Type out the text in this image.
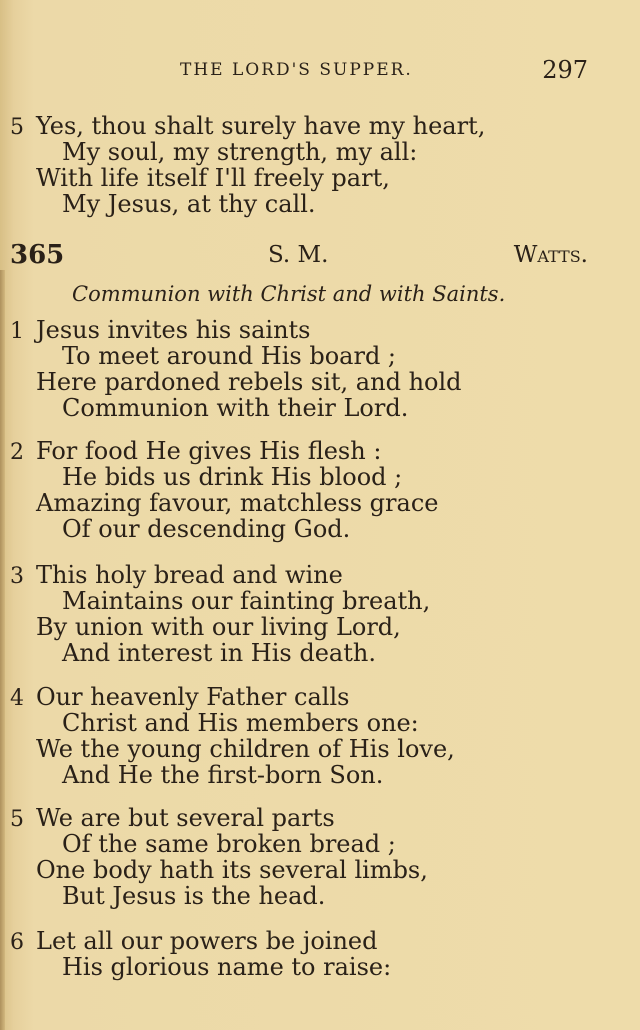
THE LORD'S SUPPER.	297
5 Yes, thou shalt surely have my heart,
My soul, my strength, my all:
With life itself I'll freely part,
My Jesus, at thy call.
365	S. M.	Watts.
Communion with Christ and with Saints.
1 Jesus invites his saints
To meet around His board ;
Here pardoned rebels sit, and hold
Communion with their Lord.
2 For food He gives His flesh :
He bids us drink His blood ;
Amazing favour, matchless grace
Of our descending God.
3 This holy bread and wine
Maintains our fainting breath,
By union with our living Lord,
And interest in His death.
4 Our heavenly Father calls
Christ and His members one:
We the young children of His love,
And He the first-born Son.
5 We are but several parts
Of the same broken bread ;
One body hath its several limbs,
But Jesus is the head.
6 Let all our powers be joined
His glorious name to raise:
